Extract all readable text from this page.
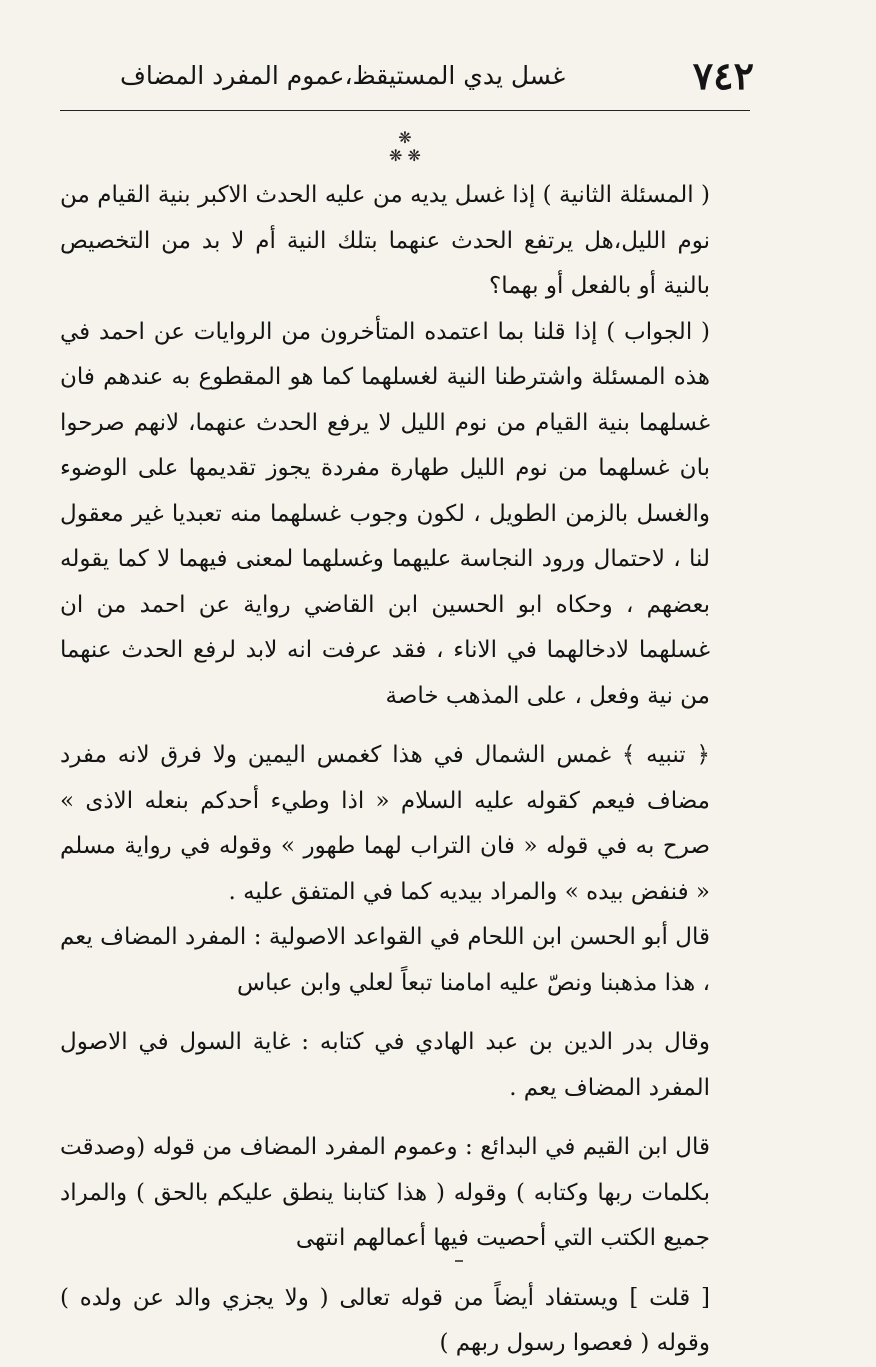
٧٤٢
غسل يدي المستيقظ،عموم المفرد المضاف
❋
❋ ❋

( المسئلة الثانية ) إذا غسل يديه من عليه الحدث الاكبر بنية القيام من نوم الليل،هل يرتفع الحدث عنهما بتلك النية أم لا بد من التخصيص بالنية أو بالفعل أو بهما؟

( الجواب ) إذا قلنا بما اعتمده المتأخرون من الروايات عن احمد في هذه المسئلة واشترطنا النية لغسلهما كما هو المقطوع به عندهم فان غسلهما بنية القيام من نوم الليل لا يرفع الحدث عنهما، لانهم صرحوا بان غسلهما من نوم الليل طهارة مفردة يجوز تقديمها على الوضوء والغسل بالزمن الطويل ، لكون وجوب غسلهما منه تعبديا غير معقول لنا ، لاحتمال ورود النجاسة عليهما وغسلهما لمعنى فيهما لا كما يقوله بعضهم ، وحكاه ابو الحسين ابن القاضي رواية عن احمد من ان غسلهما لادخالهما في الاناء ، فقد عرفت انه لابد لرفع الحدث عنهما من نية وفعل ، على المذهب خاصة

﴿ تنبيه ﴾ غمس الشمال في هذا كغمس اليمين ولا فرق لانه مفرد مضاف فيعم كقوله عليه السلام « اذا وطيء أحدكم بنعله الاذى » صرح به في قوله « فان التراب لهما طهور » وقوله في رواية مسلم « فنفض بيده » والمراد بيديه كما في المتفق عليه .

قال أبو الحسن ابن اللحام في القواعد الاصولية : المفرد المضاف يعم ، هذا مذهبنا ونصّ عليه امامنا تبعاً لعلي وابن عباس

وقال بدر الدين بن عبد الهادي في كتابه : غاية السول في الاصول المفرد المضاف يعم .

قال ابن القيم في البدائع : وعموم المفرد المضاف من قوله (وصدقت بكلمات ربها وكتابه ) وقوله ( هذا كتابنا ينطق عليكم بالحق ) والمراد جميع الكتب التي أحصيت فيها أعمالهم انتهى

[ قلت ] ويستفاد أيضاً من قوله تعالى ( ولا يجزي والد عن ولده ) وقوله ( فعصوا رسول ربهم )
